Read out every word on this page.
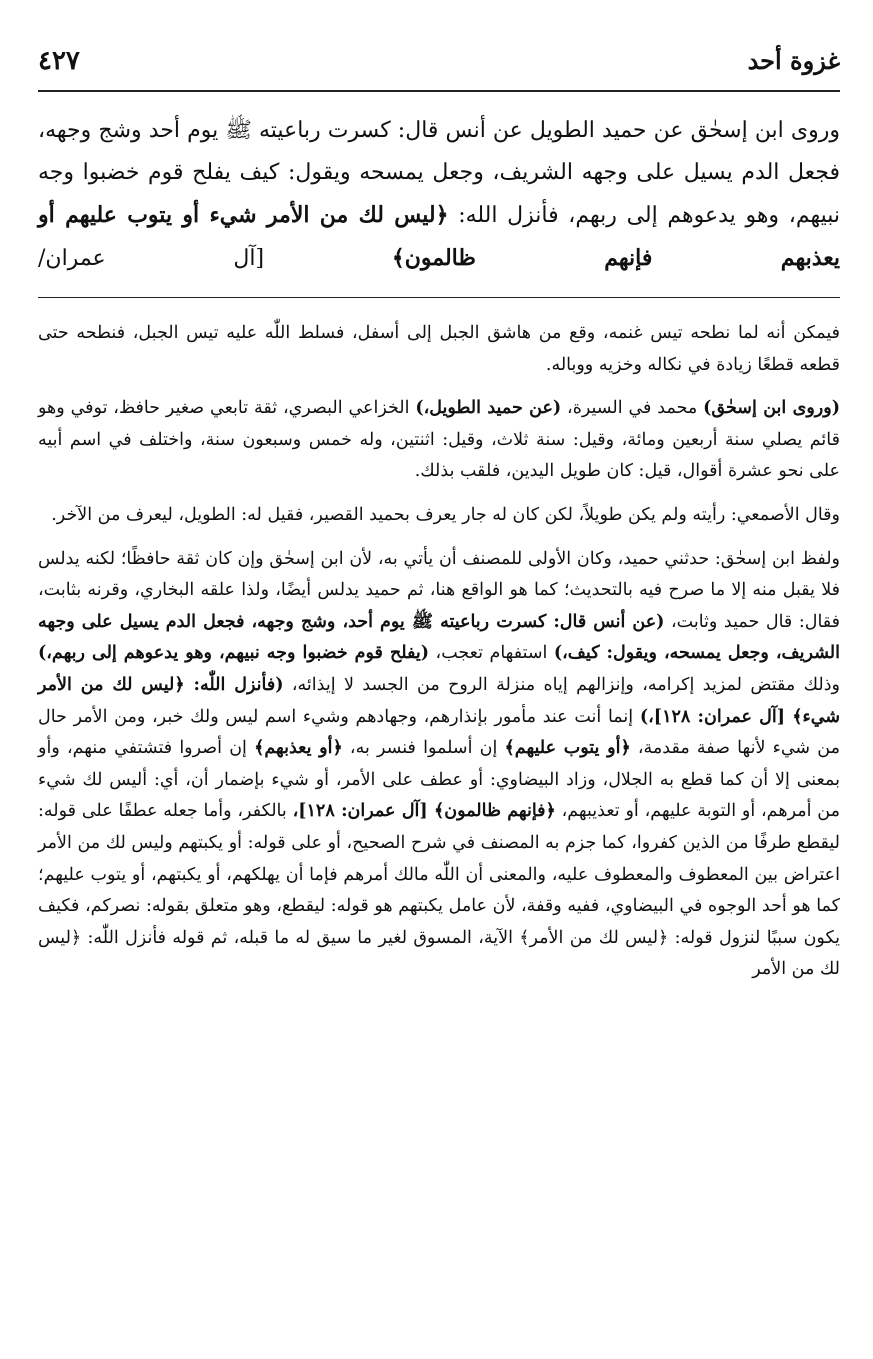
غزوة أحد
٤٢٧

وروى ابن إسحٰق عن حميد الطويل عن أنس قال: كسرت رباعيته ﷺ يوم أحد وشج وجهه، فجعل الدم يسيل على وجهه الشريف، وجعل يمسحه ويقول: كيف يفلح قوم خضبوا وجه نبيهم، وهو يدعوهم إلى ربهم، فأنزل الله: ﴿ليس لك من الأمر شيء أو يتوب عليهم أو يعذبهم فإنهم ظالمون﴾ [آل عمران/

فيمكن أنه لما نطحه تيس غنمه، وقع من هاشق الجبل إلى أسفل، فسلط اللّٰه عليه تيس الجبل، فنطحه حتى قطعه قطعًا زيادة في نكاله وخزيه ووباله.

(وروى ابن إسحٰق) محمد في السيرة، (عن حميد الطويل،) الخزاعي البصري، ثقة تابعي صغير حافظ، توفي وهو قائم يصلي سنة أربعين ومائة، وقيل: سنة ثلاث، وقيل: اثنتين، وله خمس وسبعون سنة، واختلف في اسم أبيه على نحو عشرة أقوال، قيل: كان طويل اليدين، فلقب بذلك.

وقال الأصمعي: رأيته ولم يكن طويلاً، لكن كان له جار يعرف بحميد القصير، فقيل له: الطويل، ليعرف من الآخر.

ولفظ ابن إسحٰق: حدثني حميد، وكان الأولى للمصنف أن يأتي به، لأن ابن إسحٰق وإن كان ثقة حافظًا؛ لكنه يدلس فلا يقبل منه إلا ما صرح فيه بالتحديث؛ كما هو الواقع هنا، ثم حميد يدلس أيضًا، ولذا علقه البخاري، وقرنه بثابت، فقال: قال حميد وثابت، (عن أنس قال: كسرت رباعيته ﷺ يوم أحد، وشج وجهه، فجعل الدم يسيل على وجهه الشريف، وجعل يمسحه، ويقول: كيف،) استفهام تعجب، (يفلح قوم خضبوا وجه نبيهم، وهو يدعوهم إلى ربهم،) وذلك مقتض لمزيد إكرامه، وإنزالهم إياه منزلة الروح من الجسد لا إيذائه، (فأنزل اللّٰه: ﴿ليس لك من الأمر شيء﴾ [آل عمران: ١٢٨]،) إنما أنت عند مأمور بإنذارهم، وجهادهم وشيء اسم ليس ولك خبر، ومن الأمر حال من شيء لأنها صفة مقدمة، ﴿أو يتوب عليهم﴾ إن أسلموا فنسر به، ﴿أو يعذبهم﴾ إن أصروا فتشتفي منهم، وأو بمعنى إلا أن كما قطع به الجلال، وزاد البيضاوي: أو عطف على الأمر، أو شيء بإضمار أن، أي: أليس لك شيء من أمرهم، أو التوبة عليهم، أو تعذيبهم، ﴿فإنهم ظالمون﴾ [آل عمران: ١٢٨]، بالكفر، وأما جعله عطفًا على قوله: ليقطع طرفًا من الذين كفروا، كما جزم به المصنف في شرح الصحيح، أو على قوله: أو يكبتهم وليس لك من الأمر اعتراض بين المعطوف والمعطوف عليه، والمعنى أن اللّٰه مالك أمرهم فإما أن يهلكهم، أو يكبتهم، أو يتوب عليهم؛ كما هو أحد الوجوه في البيضاوي، ففيه وقفة، لأن عامل يكبتهم هو قوله: ليقطع، وهو متعلق بقوله: نصركم، فكيف يكون سببًا لنزول قوله: ﴿ليس لك من الأمر﴾ الآية، المسوق لغير ما سيق له ما قبله، ثم قوله فأنزل اللّٰه: ﴿ليس لك من الأمر
